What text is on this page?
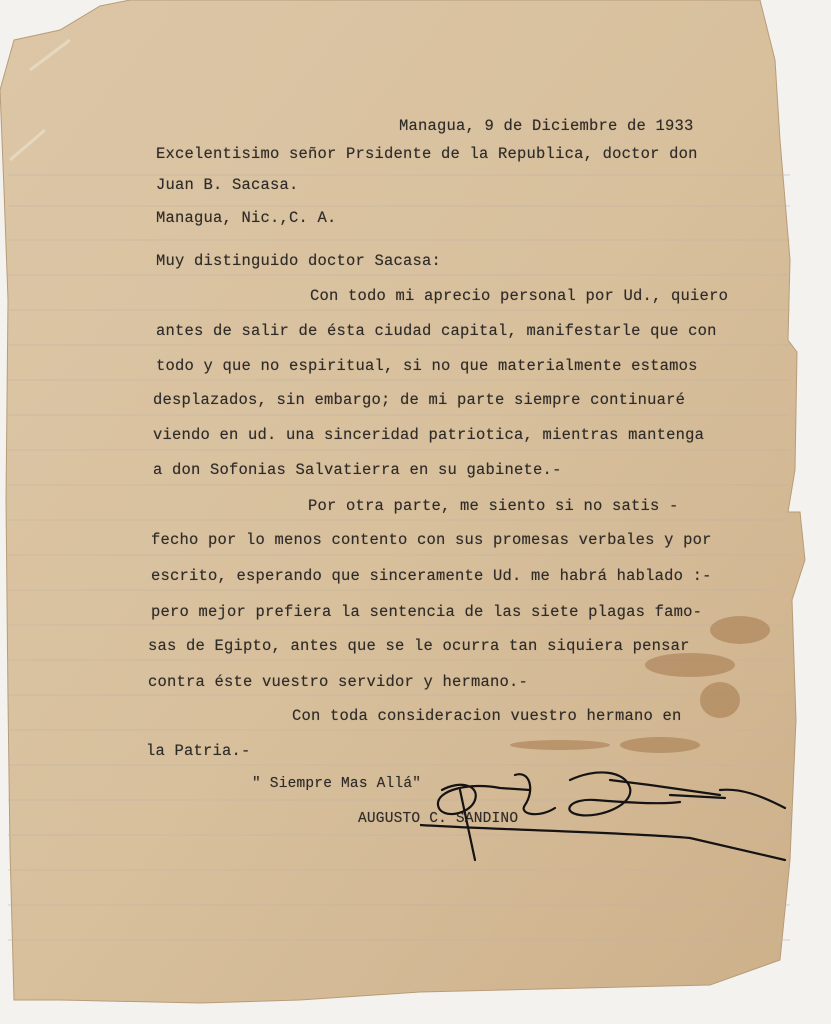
Managua, 9 de Diciembre de 1933
Excelentisimo señor Prsidente de la Republica, doctor don
Juan B. Sacasa.
Managua, Nic.,C. A.
Muy distinguido doctor Sacasa:
Con todo mi aprecio personal por Ud., quiero
antes de salir de ésta ciudad capital, manifestarle que con
todo y que no espiritual, si no que materialmente estamos
desplazados, sin embargo; de mi parte siempre continuaré
viendo en ud. una sinceridad patriotica, mientras mantenga
a don Sofonias Salvatierra en su gabinete.-
Por otra parte, me siento si no satis -
fecho por lo menos contento con sus promesas verbales y por
escrito, esperando que sinceramente Ud. me habrá hablado :-
pero mejor prefiera la sentencia de las siete plagas famo-
sas de Egipto, antes que se le ocurra tan siquiera pensar
contra éste vuestro servidor y hermano.-
Con toda consideracion vuestro hermano en
la Patria.-
" Siempre Mas Allá"
AUGUSTO C. SANDINO
